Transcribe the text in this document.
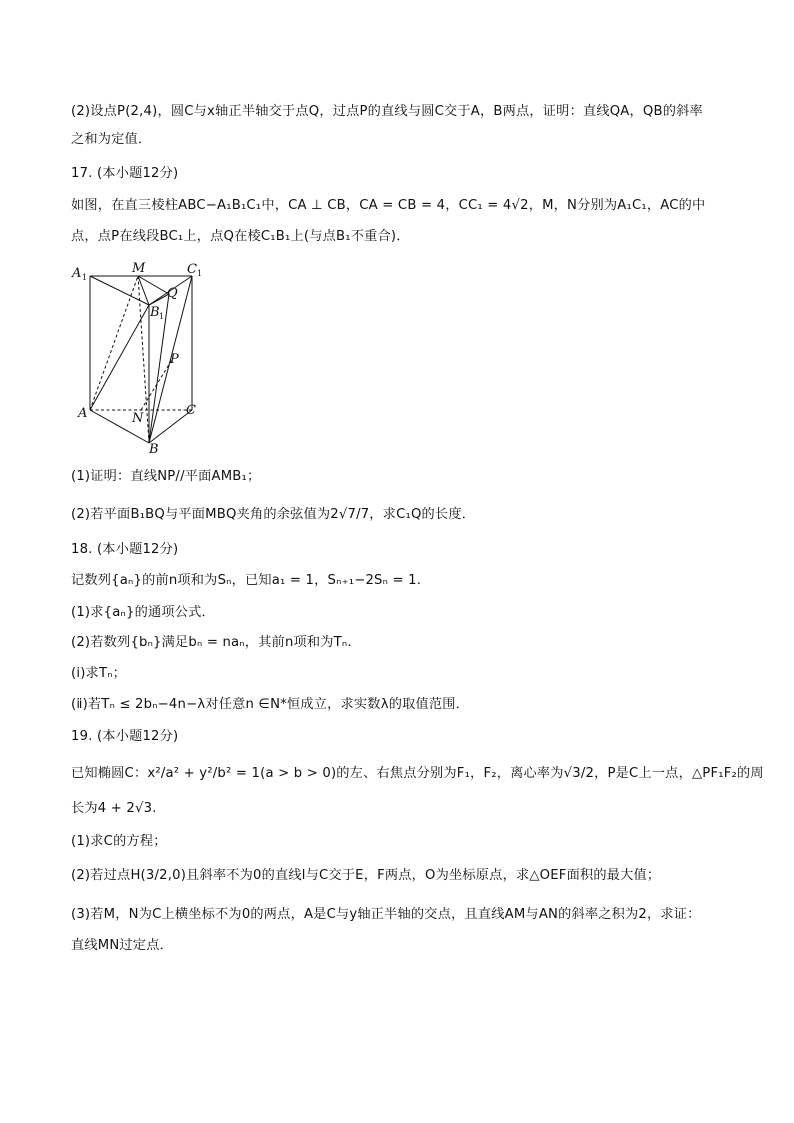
(2)设点P(2,4)，圆C与x轴正半轴交于点Q，过点P的直线与圆C交于A，B两点，证明：直线QA，QB的斜率
之和为定值．
17. (本小题12分)
如图，在直三棱柱ABC−A₁B₁C₁中，CA ⊥ CB，CA = CB = 4，CC₁ = 4√2，M，N分别为A₁C₁，AC的中
点，点P在线段BC₁上，点Q在棱C₁B₁上(与点B₁不重合)．
A 1
M	C 1
Q
B 1
P
A	N
C
B
(1)证明：直线NP//平面AMB₁；
(2)若平面B₁BQ与平面MBQ夹角的余弦值为2√7/7，求C₁Q的长度．
18. (本小题12分)
记数列{aₙ}的前n项和为Sₙ，已知a₁ = 1，Sₙ₊₁−2Sₙ = 1.
(1)求{aₙ}的通项公式．
(2)若数列{bₙ}满足bₙ = naₙ，其前n项和为Tₙ.
(ⅰ)求Tₙ；
(ⅱ)若Tₙ ≤ 2bₙ−4n−λ对任意n ∈N*恒成立，求实数λ的取值范围．
19. (本小题12分)
已知椭圆C：x²/a² + y²/b² = 1(a > b > 0)的左、右焦点分别为F₁，F₂，离心率为√3/2，P是C上一点，△PF₁F₂的周
长为4 + 2√3.
(1)求C的方程；
(2)若过点H(3/2,0)且斜率不为0的直线l与C交于E，F两点，O为坐标原点，求△OEF面积的最大值；
(3)若M，N为C上横坐标不为0的两点，A是C与y轴正半轴的交点，且直线AM与AN的斜率之积为2，求证：
直线MN过定点．
